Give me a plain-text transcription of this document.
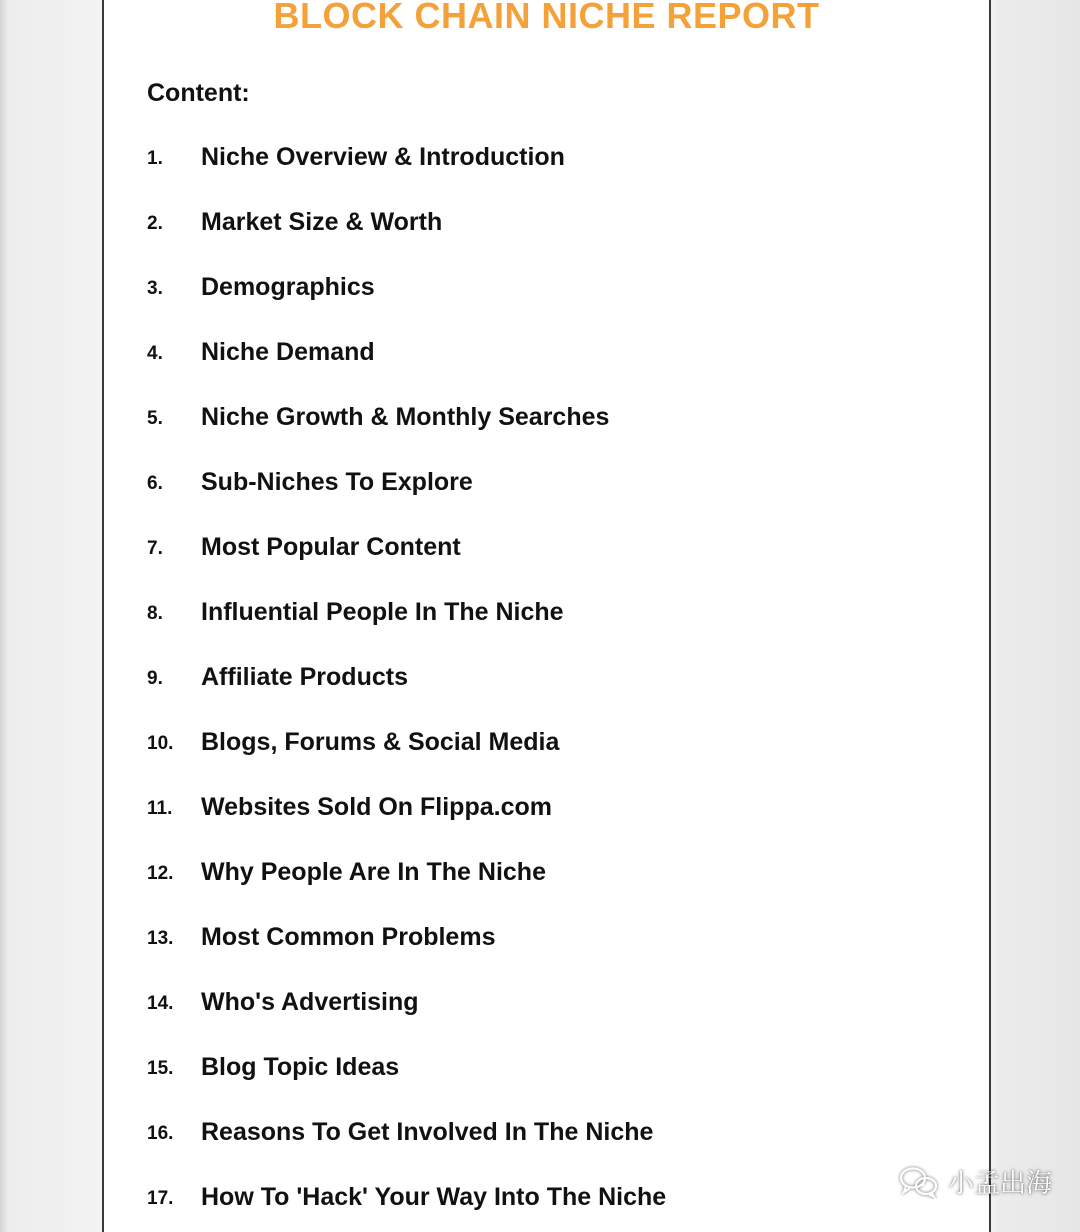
BLOCK CHAIN NICHE REPORT
Content:
1.	Niche Overview & Introduction
2.	Market Size & Worth
3.	Demographics
4.	Niche Demand
5.	Niche Growth & Monthly Searches
6.	Sub-Niches To Explore
7.	Most Popular Content
8.	Influential People In The Niche
9.	Affiliate Products
10.	Blogs, Forums & Social Media
11.	Websites Sold On Flippa.com
12.	Why People Are In The Niche
13.	Most Common Problems
14.	Who's Advertising
15.	Blog Topic Ideas
16.	Reasons To Get Involved In The Niche
17.	How To 'Hack' Your Way Into The Niche	小孟出海
